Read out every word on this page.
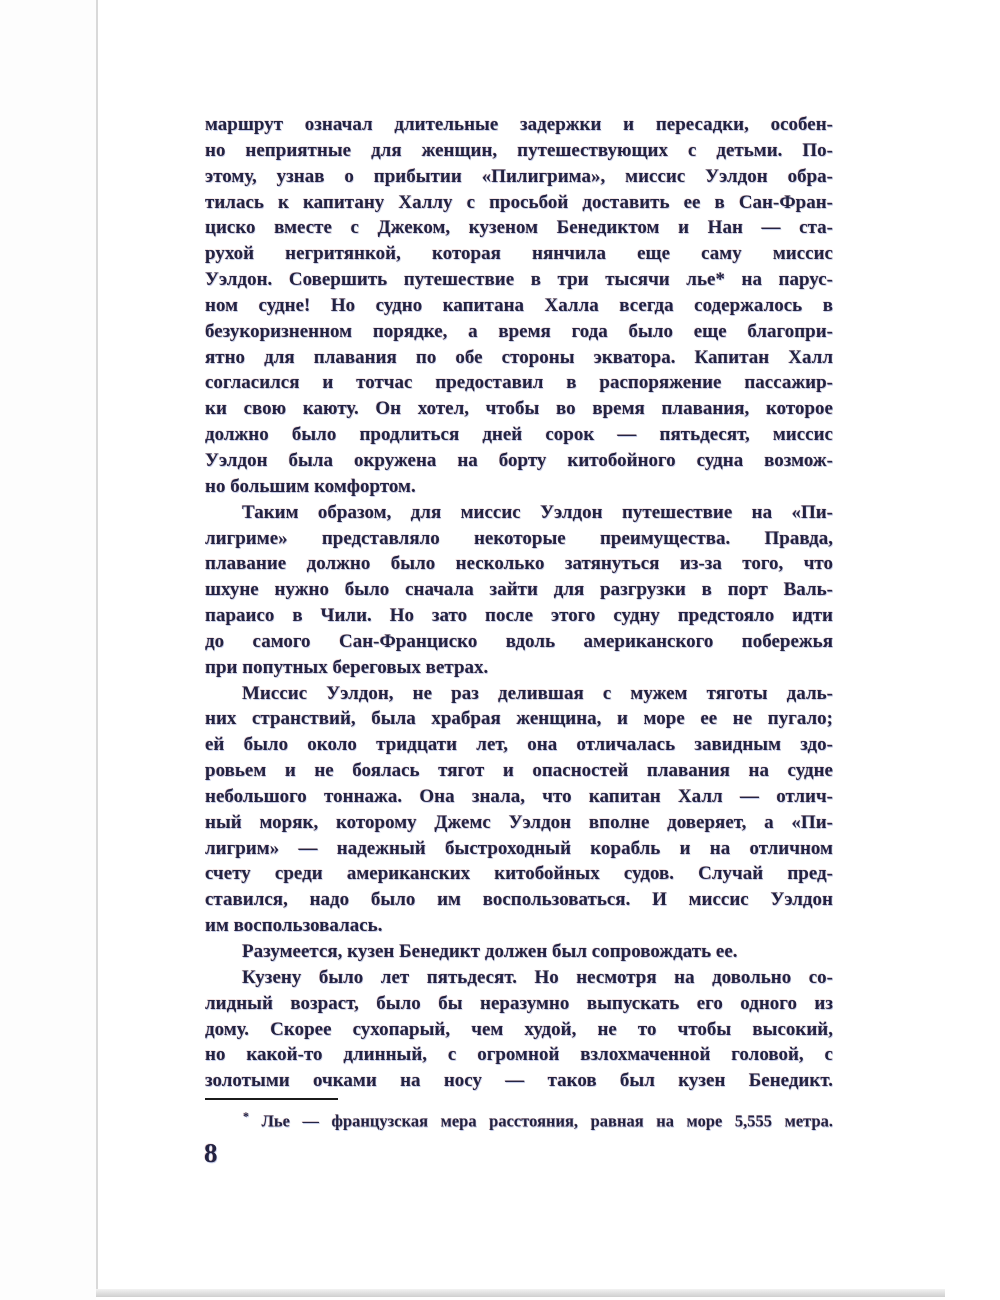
маршрут означал длительные задержки и пересадки, особен-
но неприятные для женщин, путешествующих с детьми. По-
этому, узнав о прибытии «Пилигрима», миссис Уэлдон обра-
тилась к капитану Халлу с просьбой доставить ее в Сан-Фран-
циско вместе с Джеком, кузеном Бенедиктом и Нан — ста-
рухой негритянкой, которая нянчила еще саму миссис
Уэлдон. Совершить путешествие в три тысячи лье* на парус-
ном судне! Но судно капитана Халла всегда содержалось в
безукоризненном порядке, а время года было еще благопри-
ятно для плавания по обе стороны экватора. Капитан Халл
согласился и тотчас предоставил в распоряжение пассажир-
ки свою каюту. Он хотел, чтобы во время плавания, которое
должно было продлиться дней сорок — пятьдесят, миссис
Уэлдон была окружена на борту китобойного судна возмож-
но большим комфортом.
Таким образом, для миссис Уэлдон путешествие на «Пи-
лигриме» представляло некоторые преимущества. Правда,
плавание должно было несколько затянуться из-за того, что
шхуне нужно было сначала зайти для разгрузки в порт Валь-
параисо в Чили. Но зато после этого судну предстояло идти
до самого Сан-Франциско вдоль американского побережья
при попутных береговых ветрах.
Миссис Уэлдон, не раз делившая с мужем тяготы даль-
них странствий, была храбрая женщина, и море ее не пугало;
ей было около тридцати лет, она отличалась завидным здо-
ровьем и не боялась тягот и опасностей плавания на судне
небольшого тоннажа. Она знала, что капитан Халл — отлич-
ный моряк, которому Джемс Уэлдон вполне доверяет, а «Пи-
лигрим» — надежный быстроходный корабль и на отличном
счету среди американских китобойных судов. Случай пред-
ставился, надо было им воспользоваться. И миссис Уэлдон
им воспользовалась.
Разумеется, кузен Бенедикт должен был сопровождать ее.
Кузену было лет пятьдесят. Но несмотря на довольно со-
лидный возраст, было бы неразумно выпускать его одного из
дому. Скорее сухопарый, чем худой, не то чтобы высокий,
но какой-то длинный, с огромной взлохмаченной головой, с
золотыми очками на носу — таков был кузен Бенедикт.
* Лье — французская мера расстояния, равная на море 5,555 метра.
8
